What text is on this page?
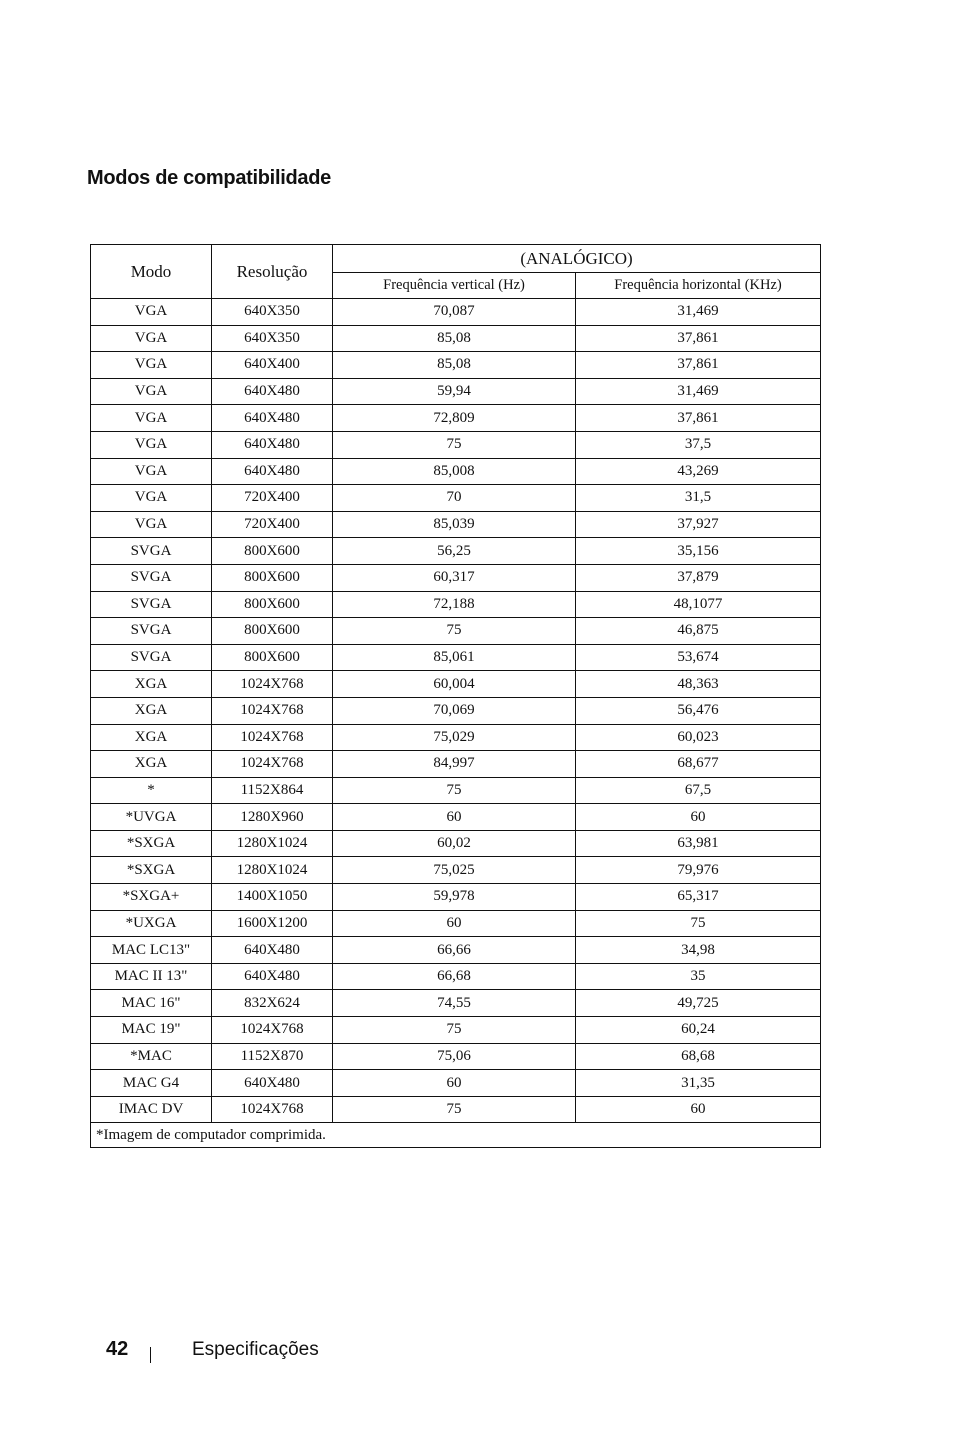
Modos de compatibilidade
Modo	Resolução	(ANALÓGICO)	
		Frequência vertical (Hz)	Frequência horizontal (KHz)
VGA	640X350	70,087	31,469
VGA	640X350	85,08	37,861
VGA	640X400	85,08	37,861
VGA	640X480	59,94	31,469
VGA	640X480	72,809	37,861
VGA	640X480	75	37,5
VGA	640X480	85,008	43,269
VGA	720X400	70	31,5
VGA	720X400	85,039	37,927
SVGA	800X600	56,25	35,156
SVGA	800X600	60,317	37,879
SVGA	800X600	72,188	48,1077
SVGA	800X600	75	46,875
SVGA	800X600	85,061	53,674
XGA	1024X768	60,004	48,363
XGA	1024X768	70,069	56,476
XGA	1024X768	75,029	60,023
XGA	1024X768	84,997	68,677
*	1152X864	75	67,5
*UVGA	1280X960	60	60
*SXGA	1280X1024	60,02	63,981
*SXGA	1280X1024	75,025	79,976
*SXGA+	1400X1050	59,978	65,317
*UXGA	1600X1200	60	75
MAC LC13"	640X480	66,66	34,98
MAC II 13"	640X480	66,68	35
MAC 16"	832X624	74,55	49,725
MAC 19"	1024X768	75	60,24
*MAC	1152X870	75,06	68,68
MAC G4	640X480	60	31,35
IMAC DV	1024X768	75	60
*Imagem de computador comprimida.			
42	Especificações
